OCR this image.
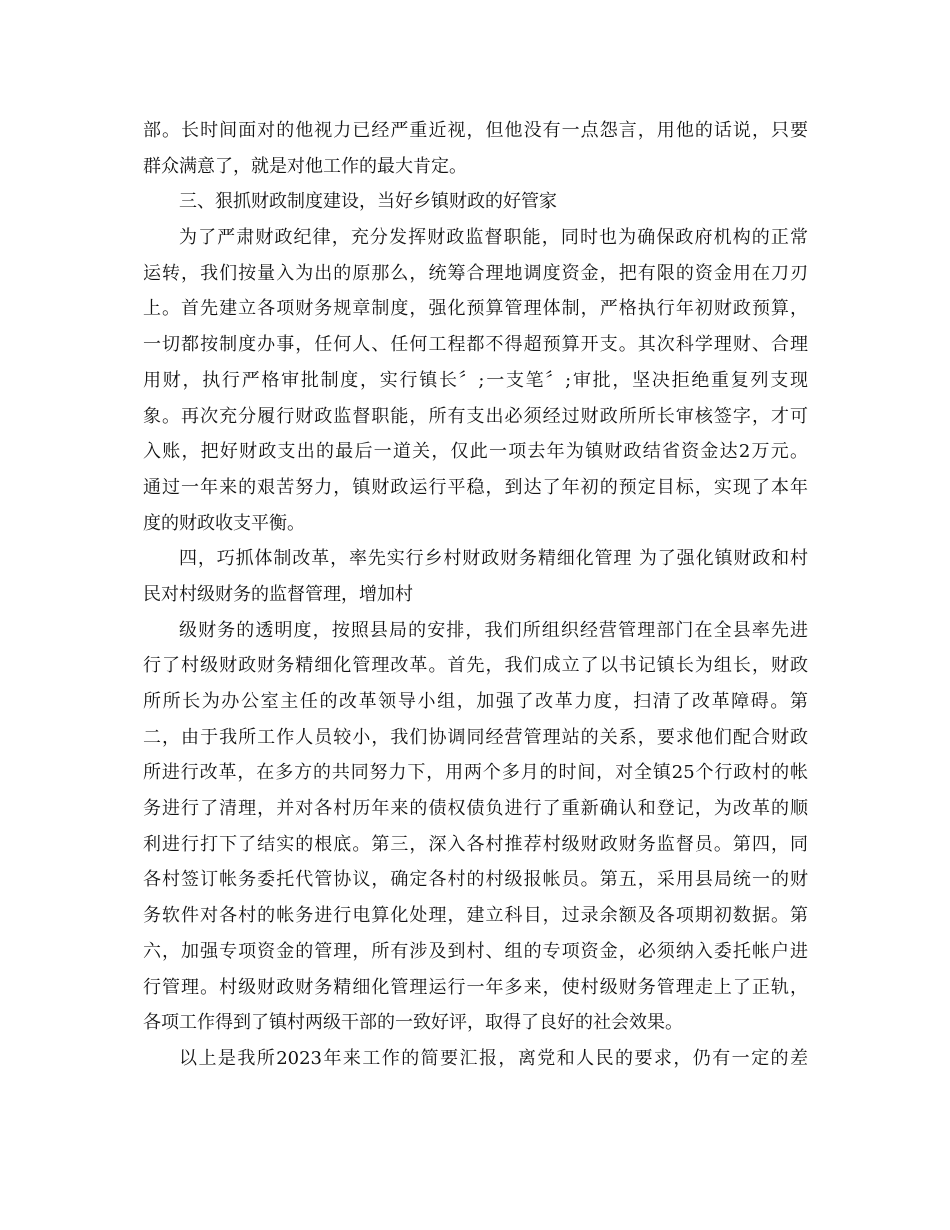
部。长时间面对的他视力已经严重近视，但他没有一点怨言，用他的话说，只要
群众满意了，就是对他工作的最大肯定。
三、狠抓财政制度建设，当好乡镇财政的好管家
为了严肃财政纪律，充分发挥财政监督职能，同时也为确保政府机构的正常
运转，我们按量入为出的原那么，统筹合理地调度资金，把有限的资金用在刀刃
上。首先建立各项财务规章制度，强化预算管理体制，严格执行年初财政预算，
一切都按制度办事，任何人、任何工程都不得超预算开支。其次科学理财、合理
用财，执行严格审批制度，实行镇长〞;一支笔〞;审批，坚决拒绝重复列支现
象。再次充分履行财政监督职能，所有支出必须经过财政所所长审核签字，才可
入账，把好财政支出的最后一道关，仅此一项去年为镇财政结省资金达2万元。
通过一年来的艰苦努力，镇财政运行平稳，到达了年初的预定目标，实现了本年
度的财政收支平衡。
四，巧抓体制改革，率先实行乡村财政财务精细化管理 为了强化镇财政和村
民对村级财务的监督管理，增加村
级财务的透明度，按照县局的安排，我们所组织经营管理部门在全县率先进
行了村级财政财务精细化管理改革。首先，我们成立了以书记镇长为组长，财政
所所长为办公室主任的改革领导小组，加强了改革力度，扫清了改革障碍。第
二，由于我所工作人员较小，我们协调同经营管理站的关系，要求他们配合财政
所进行改革，在多方的共同努力下，用两个多月的时间，对全镇25个行政村的帐
务进行了清理，并对各村历年来的债权债负进行了重新确认和登记，为改革的顺
利进行打下了结实的根底。第三，深入各村推荐村级财政财务监督员。第四，同
各村签订帐务委托代管协议，确定各村的村级报帐员。第五，采用县局统一的财
务软件对各村的帐务进行电算化处理，建立科目，过录余额及各项期初数据。第
六，加强专项资金的管理，所有涉及到村、组的专项资金，必须纳入委托帐户进
行管理。村级财政财务精细化管理运行一年多来，使村级财务管理走上了正轨，
各项工作得到了镇村两级干部的一致好评，取得了良好的社会效果。
以上是我所2023年来工作的简要汇报，离党和人民的要求，仍有一定的差
